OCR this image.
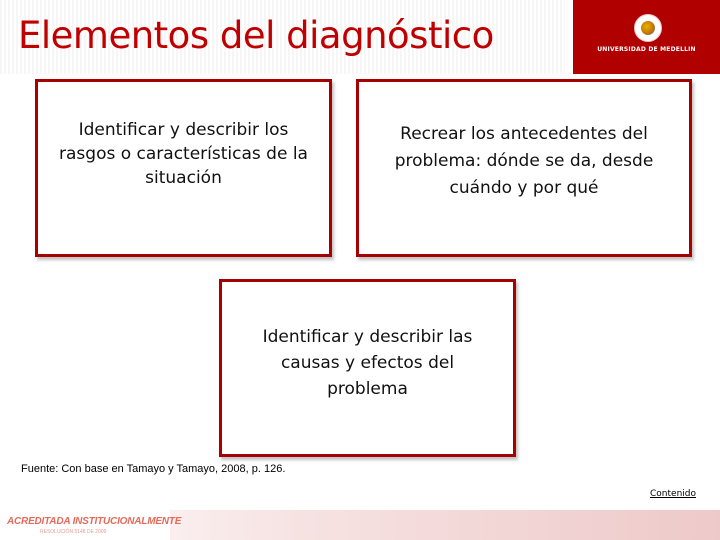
Elementos del diagnóstico	UNIVERSIDAD DE MEDELLIN
Identificar y describir los rasgos o características de la situación
Recrear los antecedentes del problema: dónde se da, desde cuándo y por qué
Identificar y describir las causas y efectos del problema
Fuente: Con base en Tamayo y Tamayo, 2008, p. 126.
Contenido
ACREDITADA INSTITUCIONALMENTE
RESOLUCIÓN 5148 DE 2009
